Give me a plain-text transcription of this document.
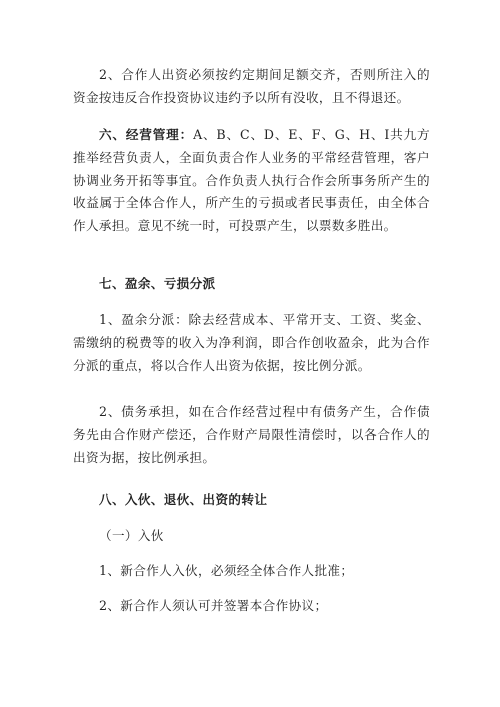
2、合作人出资必须按约定期间足额交齐，否则所注入的资金按违反合作投资协议违约予以所有没收，且不得退还。

六、经营管理：A、B、C、D、E、F、G、H、I共九方推举经营负责人，全面负责合作人业务的平常经营管理，客户协调业务开拓等事宜。合作负责人执行合作会所事务所产生的收益属于全体合作人，所产生的亏损或者民事责任，由全体合作人承担。意见不统一时，可投票产生，以票数多胜出。

七、盈余、亏损分派

1、盈余分派：除去经营成本、平常开支、工资、奖金、需缴纳的税费等的收入为净利润，即合作创收盈余，此为合作分派的重点，将以合作人出资为依据，按比例分派。

2、债务承担，如在合作经营过程中有债务产生，合作债务先由合作财产偿还，合作财产局限性清偿时，以各合作人的出资为据，按比例承担。

八、入伙、退伙、出资的转让

（一）入伙

1、新合作人入伙，必须经全体合作人批准；

2、新合作人须认可并签署本合作协议；
